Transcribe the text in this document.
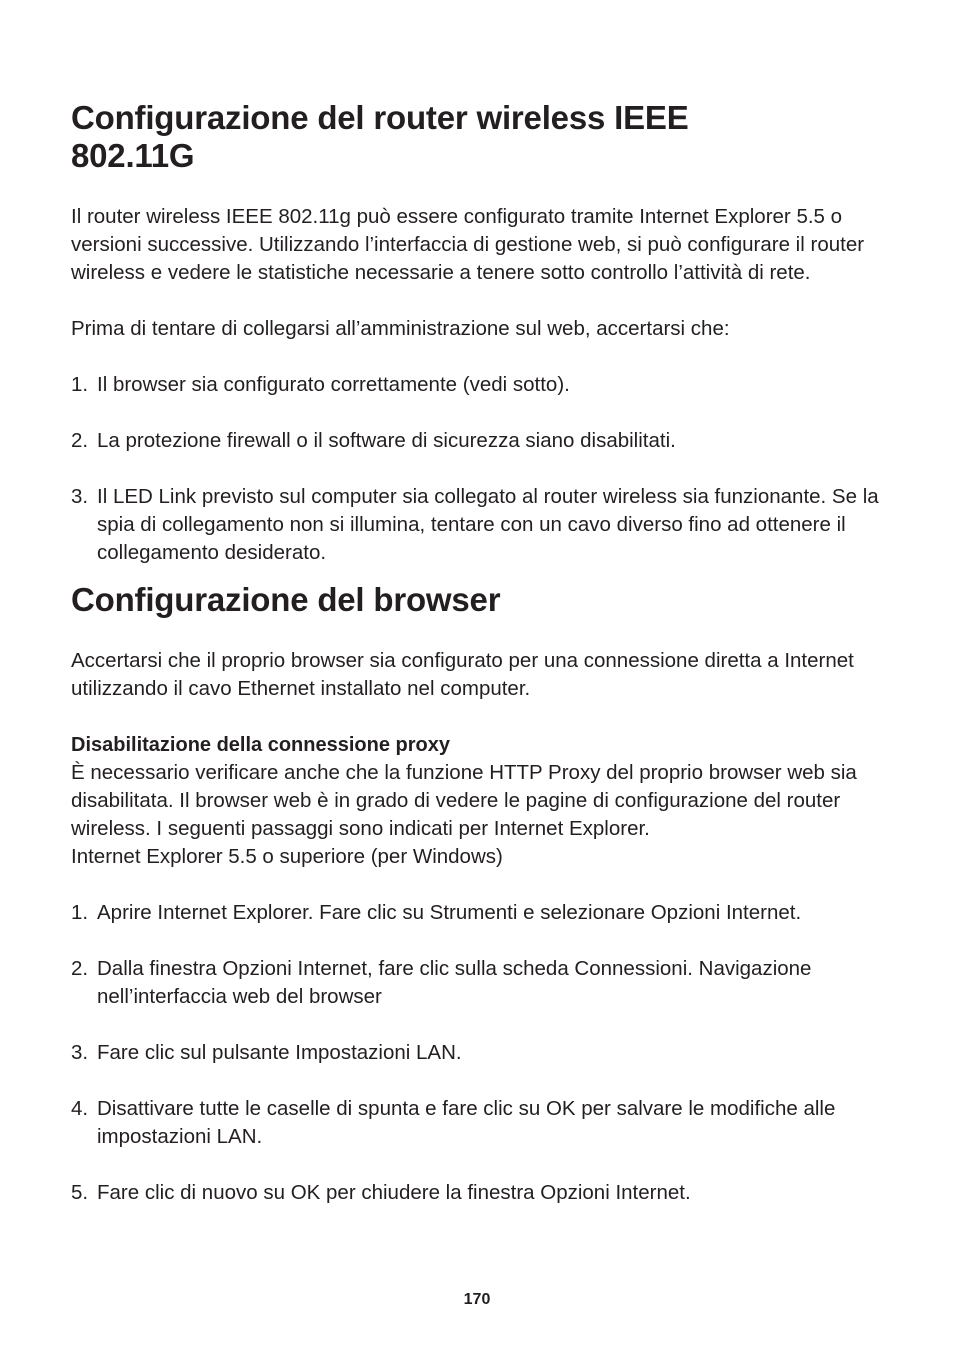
Configurazione del router wireless IEEE
802.11G

Il router wireless IEEE 802.11g può essere configurato tramite Internet Explorer 5.5 o versioni successive. Utilizzando l’interfaccia di gestione web, si può configurare il router wireless e vedere le statistiche necessarie a tenere sotto controllo l’attività di rete.

Prima di tentare di collegarsi all’amministrazione sul web, accertarsi che:

1. Il browser sia configurato correttamente (vedi sotto).
2. La protezione firewall o il software di sicurezza siano disabilitati.
3. Il LED Link previsto sul computer sia collegato al router wireless sia funzionante. Se la spia di collegamento non si illumina, tentare con un cavo diverso fino ad ottenere il collegamento desiderato.
Configurazione del browser

Accertarsi che il proprio browser sia configurato per una connessione diretta a Internet utilizzando il cavo Ethernet installato nel computer.

Disabilitazione della connessione proxy

È necessario verificare anche che la funzione HTTP Proxy del proprio browser web sia disabilitata. Il browser web è in grado di vedere le pagine di configurazione del router wireless. I seguenti passaggi sono indicati per Internet Explorer.

Internet Explorer 5.5 o superiore (per Windows)

1. Aprire Internet Explorer. Fare clic su Strumenti e selezionare Opzioni Internet.
2. Dalla finestra Opzioni Internet, fare clic sulla scheda Connessioni. Navigazione nell’interfaccia web del browser
3. Fare clic sul pulsante Impostazioni LAN.
4. Disattivare tutte le caselle di spunta e fare clic su OK per salvare le modifiche alle impostazioni LAN.
5. Fare clic di nuovo su OK per chiudere la finestra Opzioni Internet.
170
